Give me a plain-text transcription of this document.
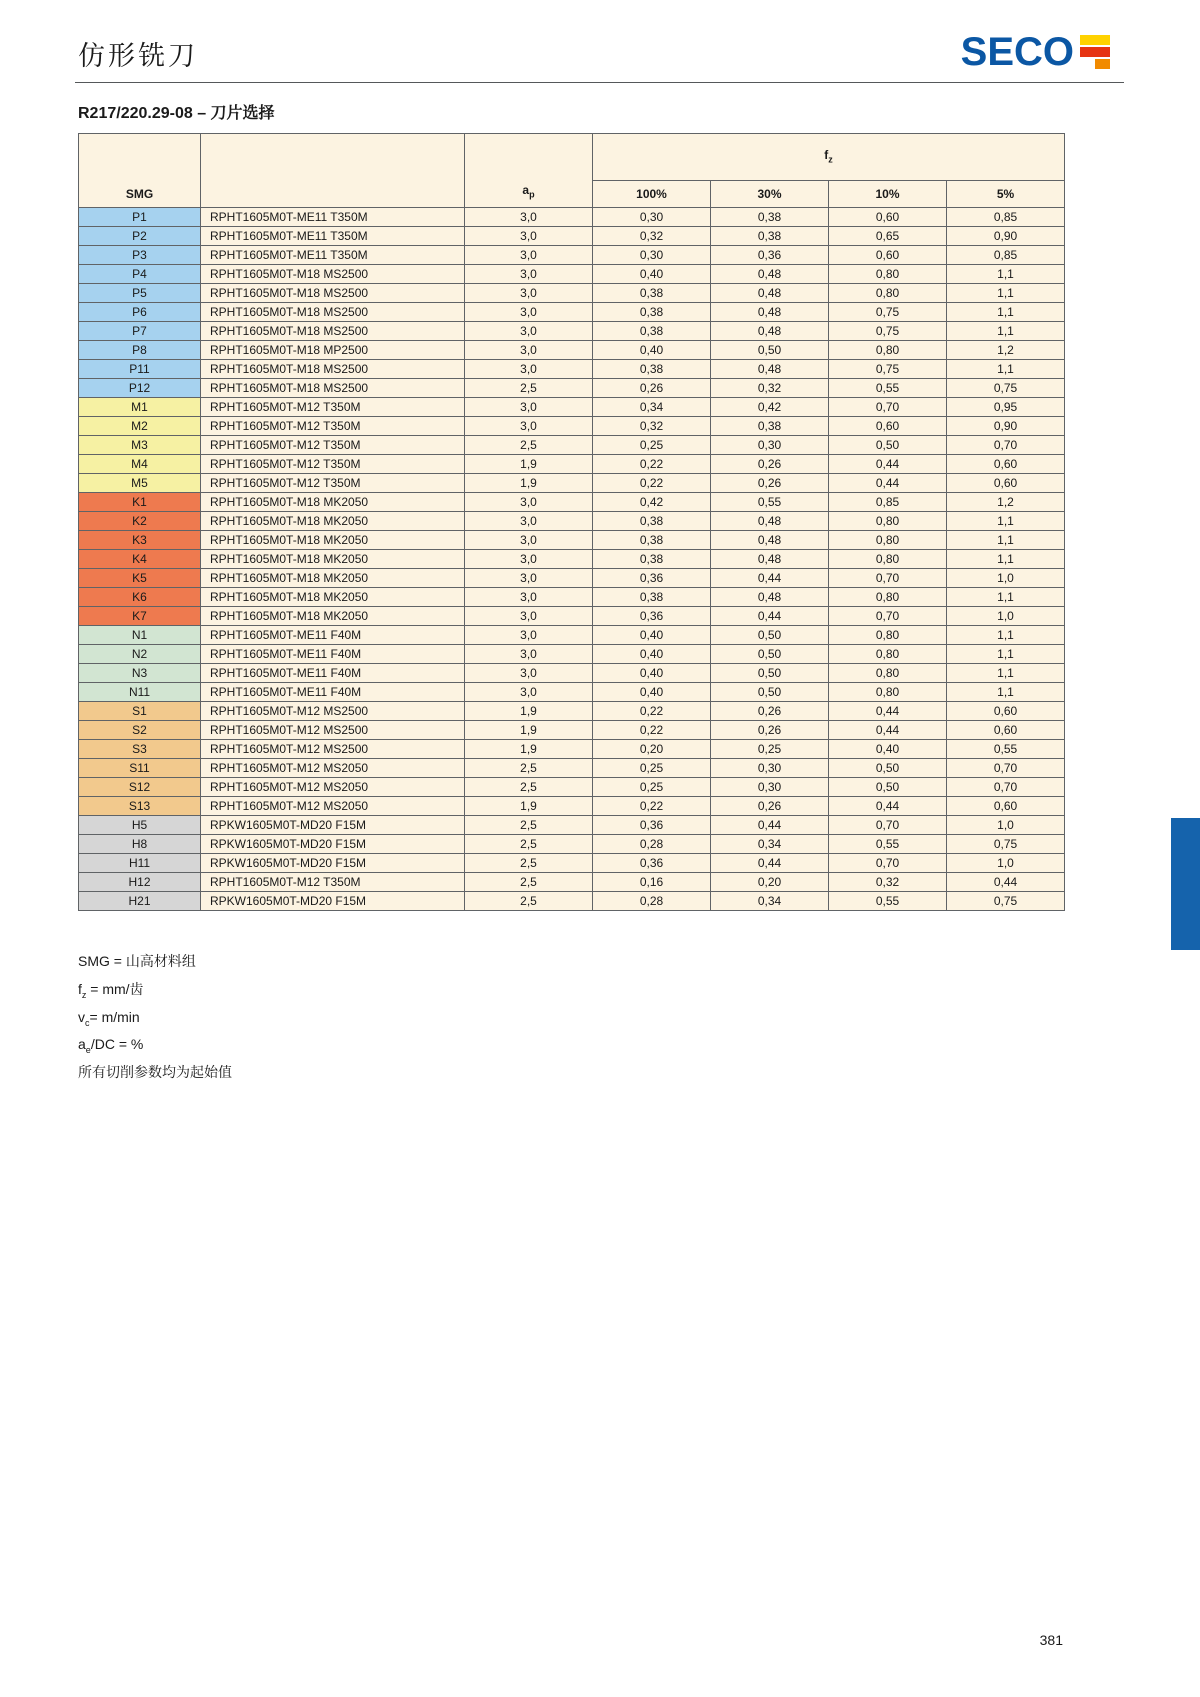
仿形铣刀	SECO
R217/220.29-08 – 刀片选择
SMG		$a_p$	$f_z$
			100%	30%	10%	5%
P1	RPHT1605M0T-ME11 T350M	3,0	0,30	0,38	0,60	0,85
P2	RPHT1605M0T-ME11 T350M	3,0	0,32	0,38	0,65	0,90
P3	RPHT1605M0T-ME11 T350M	3,0	0,30	0,36	0,60	0,85
P4	RPHT1605M0T-M18 MS2500	3,0	0,40	0,48	0,80	1,1
P5	RPHT1605M0T-M18 MS2500	3,0	0,38	0,48	0,80	1,1
P6	RPHT1605M0T-M18 MS2500	3,0	0,38	0,48	0,75	1,1
P7	RPHT1605M0T-M18 MS2500	3,0	0,38	0,48	0,75	1,1
P8	RPHT1605M0T-M18 MP2500	3,0	0,40	0,50	0,80	1,2
P11	RPHT1605M0T-M18 MS2500	3,0	0,38	0,48	0,75	1,1
P12	RPHT1605M0T-M18 MS2500	2,5	0,26	0,32	0,55	0,75
M1	RPHT1605M0T-M12 T350M	3,0	0,34	0,42	0,70	0,95
M2	RPHT1605M0T-M12 T350M	3,0	0,32	0,38	0,60	0,90
M3	RPHT1605M0T-M12 T350M	2,5	0,25	0,30	0,50	0,70
M4	RPHT1605M0T-M12 T350M	1,9	0,22	0,26	0,44	0,60
M5	RPHT1605M0T-M12 T350M	1,9	0,22	0,26	0,44	0,60
K1	RPHT1605M0T-M18 MK2050	3,0	0,42	0,55	0,85	1,2
K2	RPHT1605M0T-M18 MK2050	3,0	0,38	0,48	0,80	1,1
K3	RPHT1605M0T-M18 MK2050	3,0	0,38	0,48	0,80	1,1
K4	RPHT1605M0T-M18 MK2050	3,0	0,38	0,48	0,80	1,1
K5	RPHT1605M0T-M18 MK2050	3,0	0,36	0,44	0,70	1,0
K6	RPHT1605M0T-M18 MK2050	3,0	0,38	0,48	0,80	1,1
K7	RPHT1605M0T-M18 MK2050	3,0	0,36	0,44	0,70	1,0
N1	RPHT1605M0T-ME11 F40M	3,0	0,40	0,50	0,80	1,1
N2	RPHT1605M0T-ME11 F40M	3,0	0,40	0,50	0,80	1,1
N3	RPHT1605M0T-ME11 F40M	3,0	0,40	0,50	0,80	1,1
N11	RPHT1605M0T-ME11 F40M	3,0	0,40	0,50	0,80	1,1
S1	RPHT1605M0T-M12 MS2500	1,9	0,22	0,26	0,44	0,60
S2	RPHT1605M0T-M12 MS2500	1,9	0,22	0,26	0,44	0,60
S3	RPHT1605M0T-M12 MS2500	1,9	0,20	0,25	0,40	0,55
S11	RPHT1605M0T-M12 MS2050	2,5	0,25	0,30	0,50	0,70
S12	RPHT1605M0T-M12 MS2050	2,5	0,25	0,30	0,50	0,70
S13	RPHT1605M0T-M12 MS2050	1,9	0,22	0,26	0,44	0,60
H5	RPKW1605M0T-MD20 F15M	2,5	0,36	0,44	0,70	1,0
H8	RPKW1605M0T-MD20 F15M	2,5	0,28	0,34	0,55	0,75
H11	RPKW1605M0T-MD20 F15M	2,5	0,36	0,44	0,70	1,0
H12	RPHT1605M0T-M12 T350M	2,5	0,16	0,20	0,32	0,44
H21	RPKW1605M0T-MD20 F15M	2,5	0,28	0,34	0,55	0,75
SMG = 山高材料组
$f_z = mm/$齿
$v_c= m/\min$
$a_e/DC$ = %
所有切削参数均为起始值
381
